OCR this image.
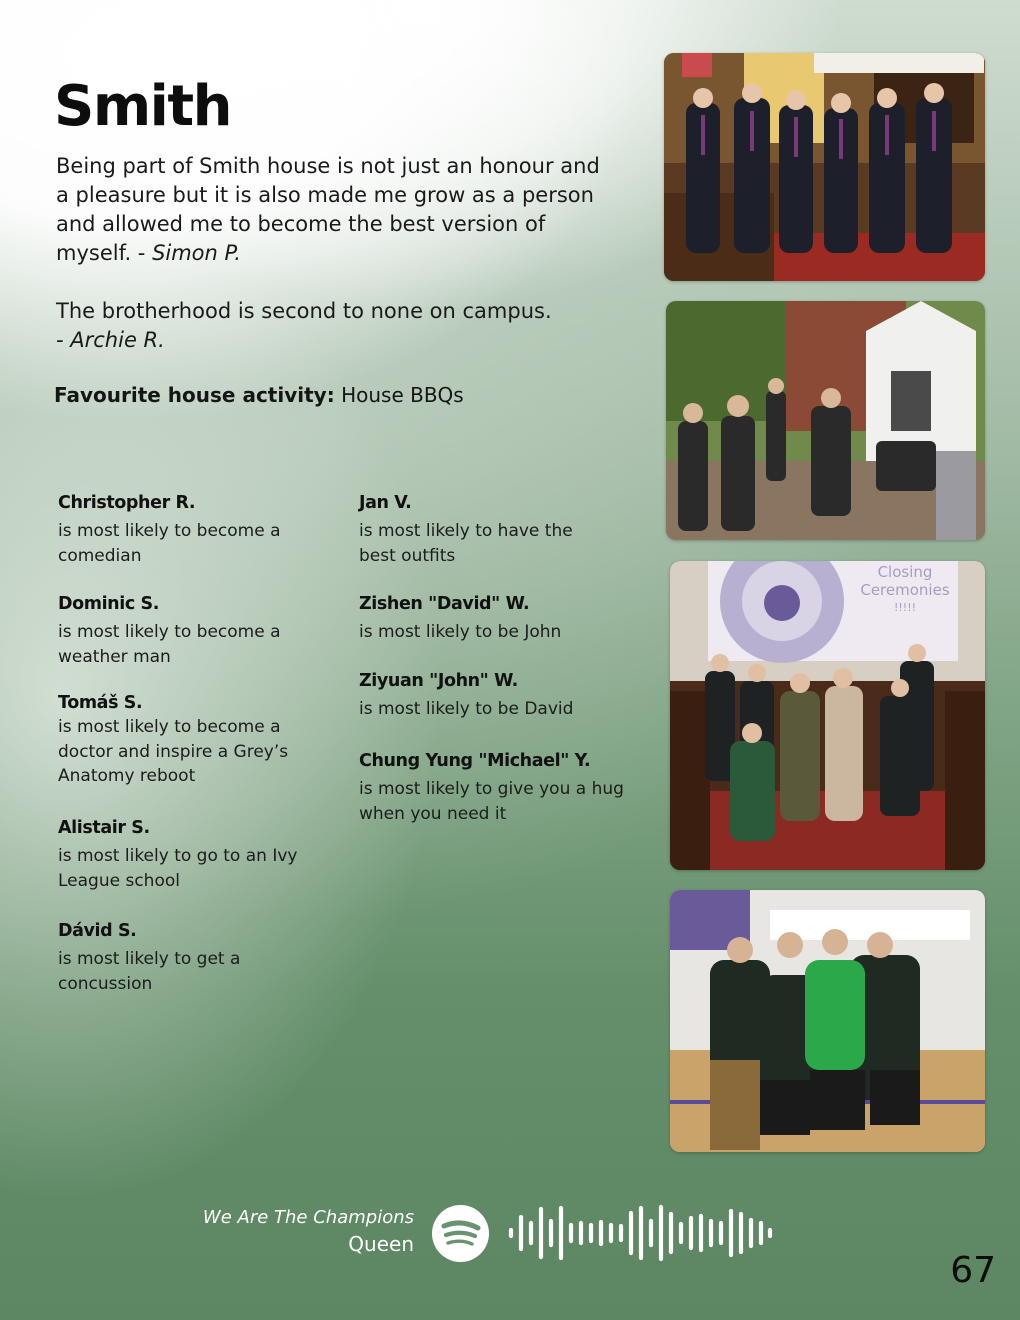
Smith
Being part of Smith house is not just an honour and a pleasure but it is also made me grow as a person and allowed me to become the best version of myself. - Simon P.
The brotherhood is second to none on campus.
- Archie R.
Favourite house activity: House BBQs
Christopher R.
is most likely to become a comedian
Dominic S.
is most likely to become a weather man
Tomáš S.
is most likely to become a doctor and inspire a Grey’s Anatomy reboot
Alistair S.
is most likely to go to an Ivy League school
Dávid S.
is most likely to get a concussion
Jan V.
is most likely to have the best outfits
Zishen "David" W.
is most likely to be John
Ziyuan "John" W.
is most likely to be David
Chung Yung "Michael" Y.
is most likely to give you a hug when you need it
Closing
Ceremonies
!!!!!
We Are The Champions
Queen
67
